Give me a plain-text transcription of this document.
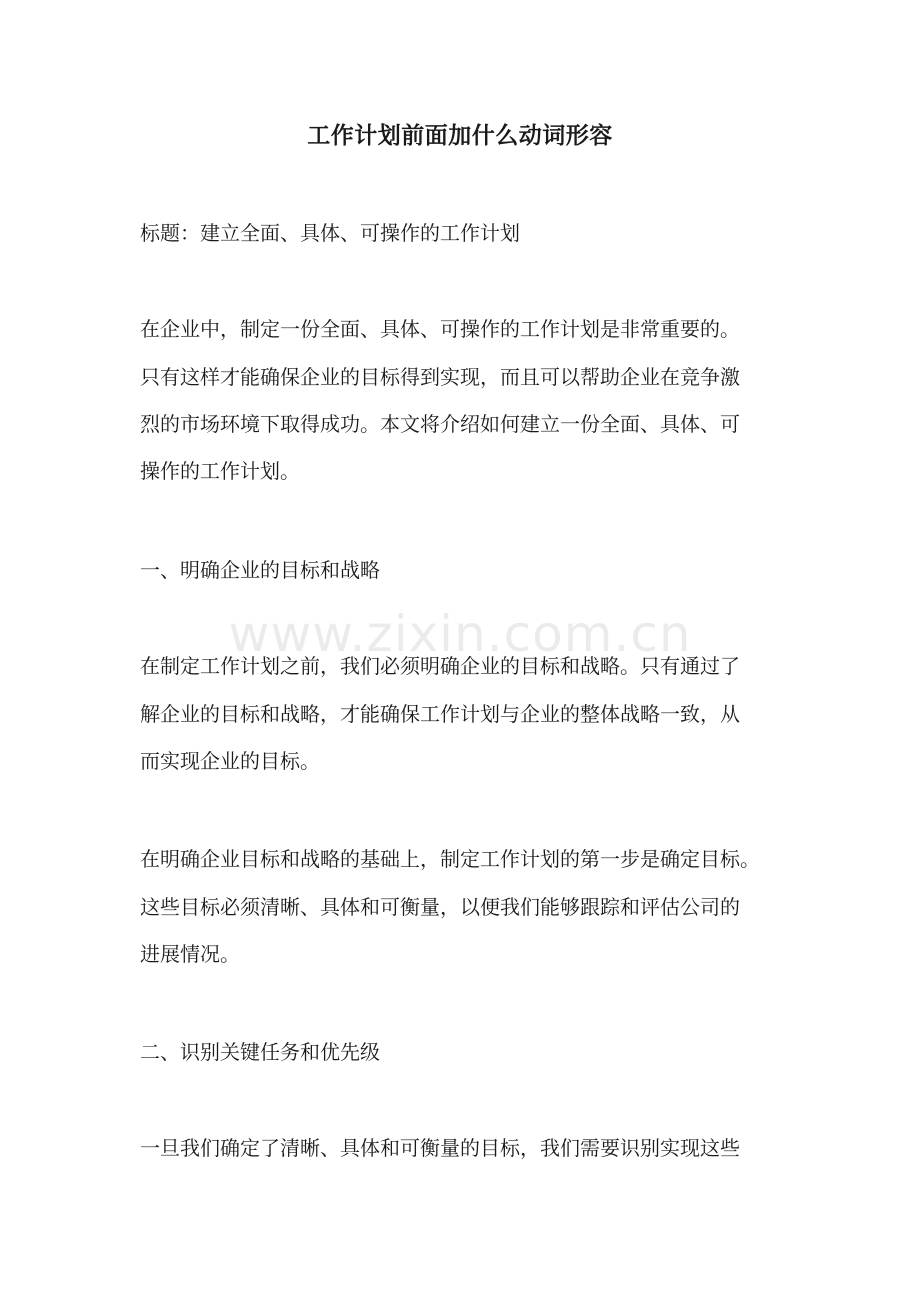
工作计划前面加什么动词形容
标题：建立全面、具体、可操作的工作计划
在企业中，制定一份全面、具体、可操作的工作计划是非常重要的。
只有这样才能确保企业的目标得到实现，而且可以帮助企业在竞争激
烈的市场环境下取得成功。本文将介绍如何建立一份全面、具体、可
操作的工作计划。
一、明确企业的目标和战略
www.zixin.com.cn
在制定工作计划之前，我们必须明确企业的目标和战略。只有通过了
解企业的目标和战略，才能确保工作计划与企业的整体战略一致，从
而实现企业的目标。
在明确企业目标和战略的基础上，制定工作计划的第一步是确定目标。
这些目标必须清晰、具体和可衡量，以便我们能够跟踪和评估公司的
进展情况。
二、识别关键任务和优先级
一旦我们确定了清晰、具体和可衡量的目标，我们需要识别实现这些
